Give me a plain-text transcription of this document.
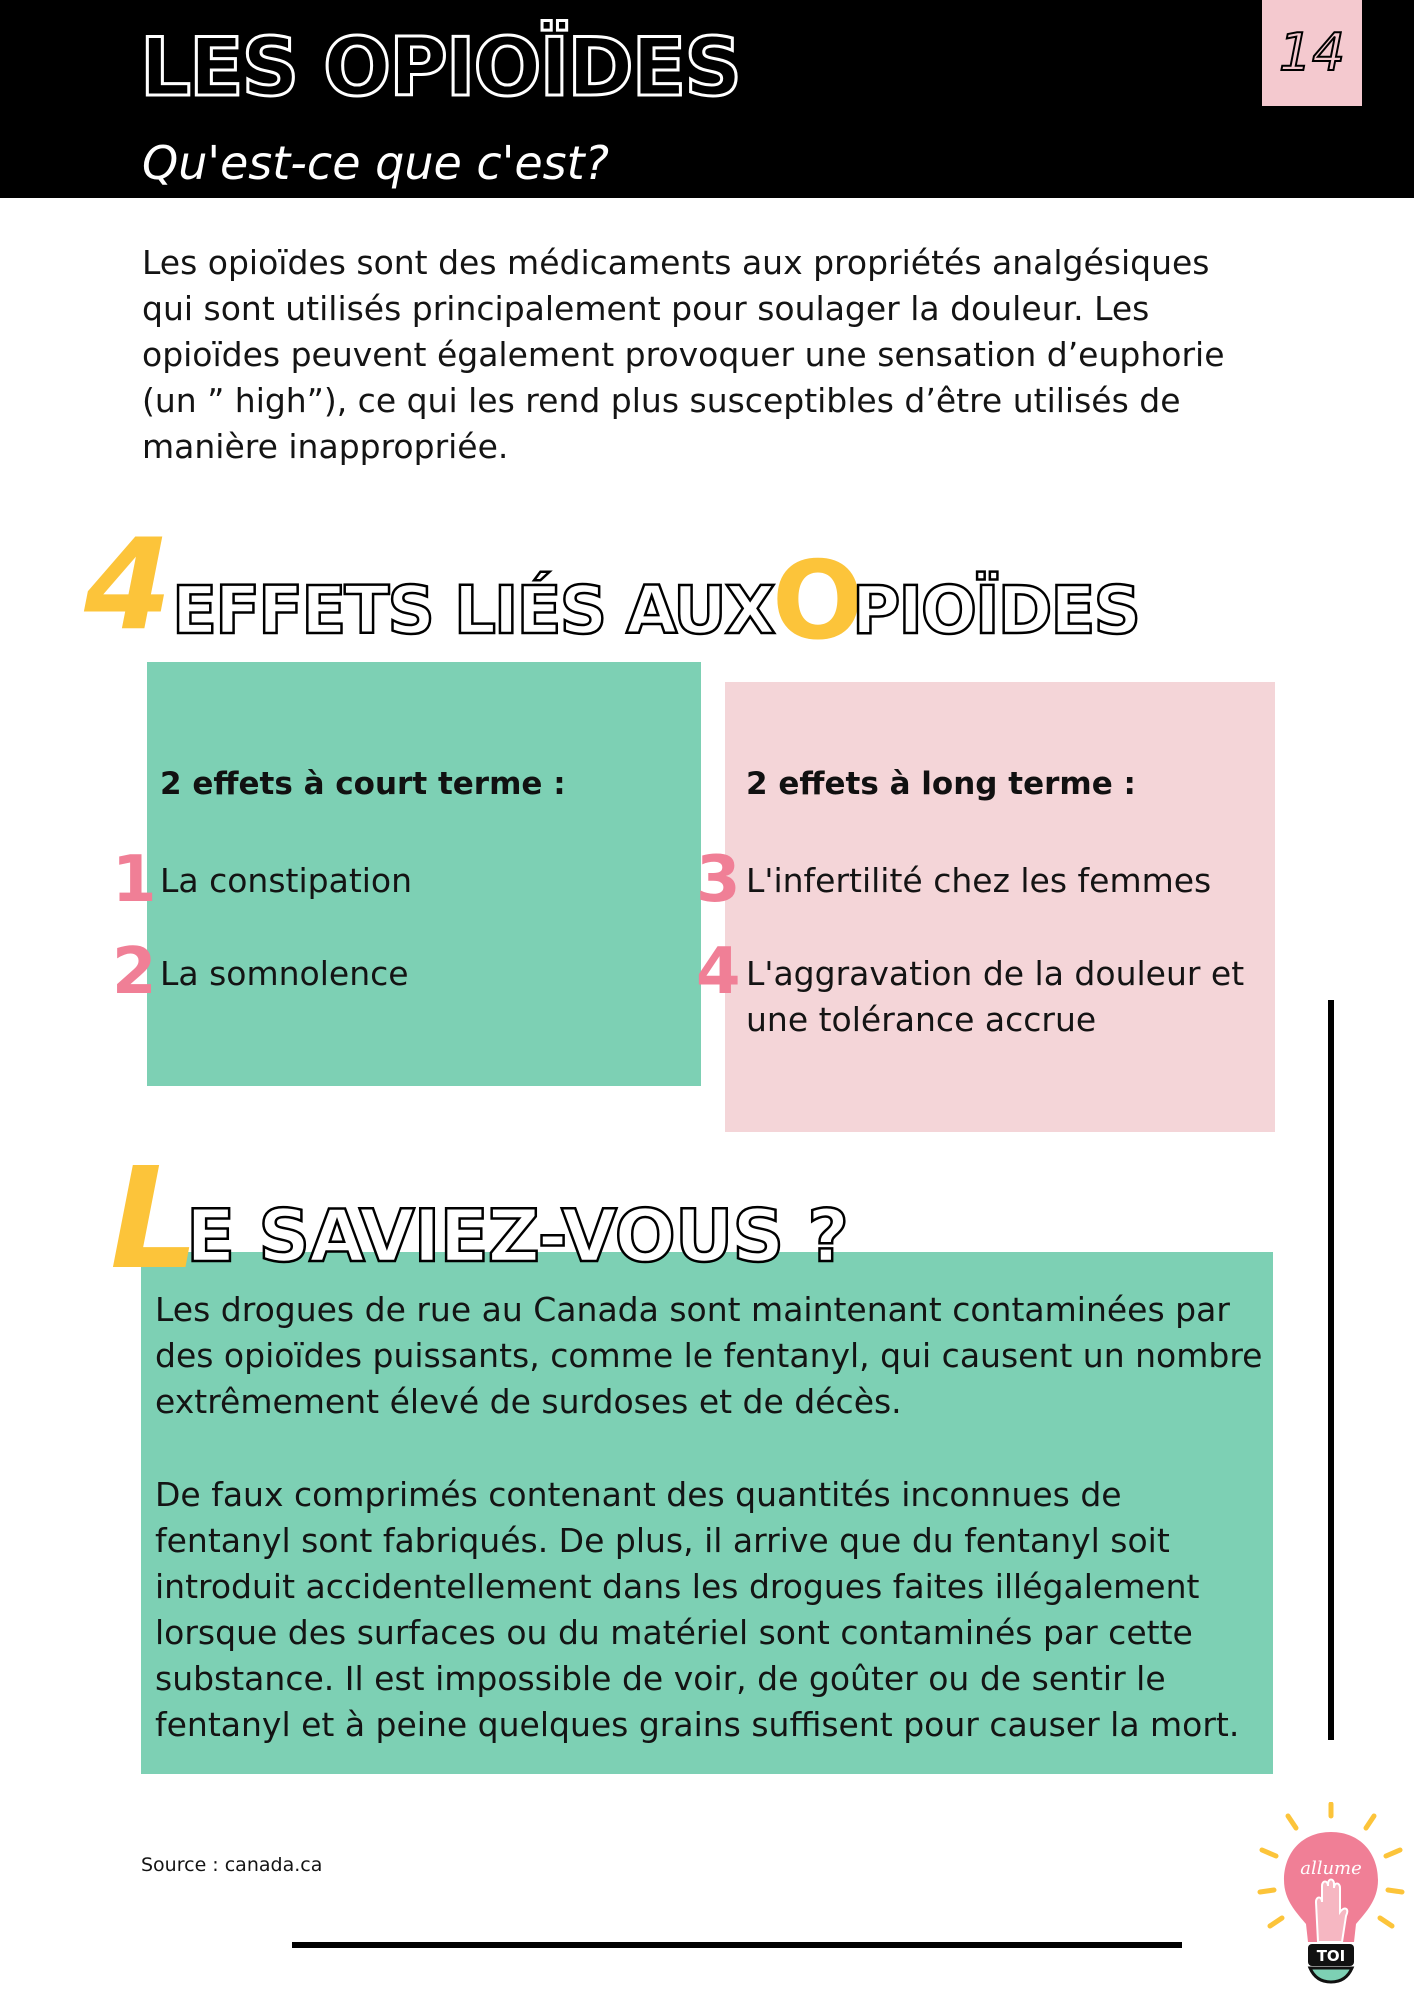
LES OPIOÏDES
Qu'est-ce que c'est?
14

Les opioïdes sont des médicaments aux propriétés analgésiques qui sont utilisés principalement pour soulager la douleur. Les opioïdes peuvent également provoquer une sensation d’euphorie (un ” high”), ce qui les rend plus susceptibles d’être utilisés de manière inappropriée.

4 EFFETS LIÉS AUX
O
PIOÏDES
2 effets à court terme :
1 La constipation
2 La somnolence
2 effets à long terme :
3 L'infertilité chez les femmes
4 L'aggravation de la douleur et une tolérance accrue
L
E SAVIEZ-VOUS ?

Les drogues de rue au Canada sont maintenant contaminées par des opioïdes puissants, comme le fentanyl, qui causent un nombre extrêmement élevé de surdoses et de décès.

De faux comprimés contenant des quantités inconnues de fentanyl sont fabriqués. De plus, il arrive que du fentanyl soit introduit accidentellement dans les drogues faites illégalement lorsque des surfaces ou du matériel sont contaminés par cette substance. Il est impossible de voir, de goûter ou de sentir le fentanyl et à peine quelques grains suffisent pour causer la mort.

Source : canada.ca	allume
TOI
